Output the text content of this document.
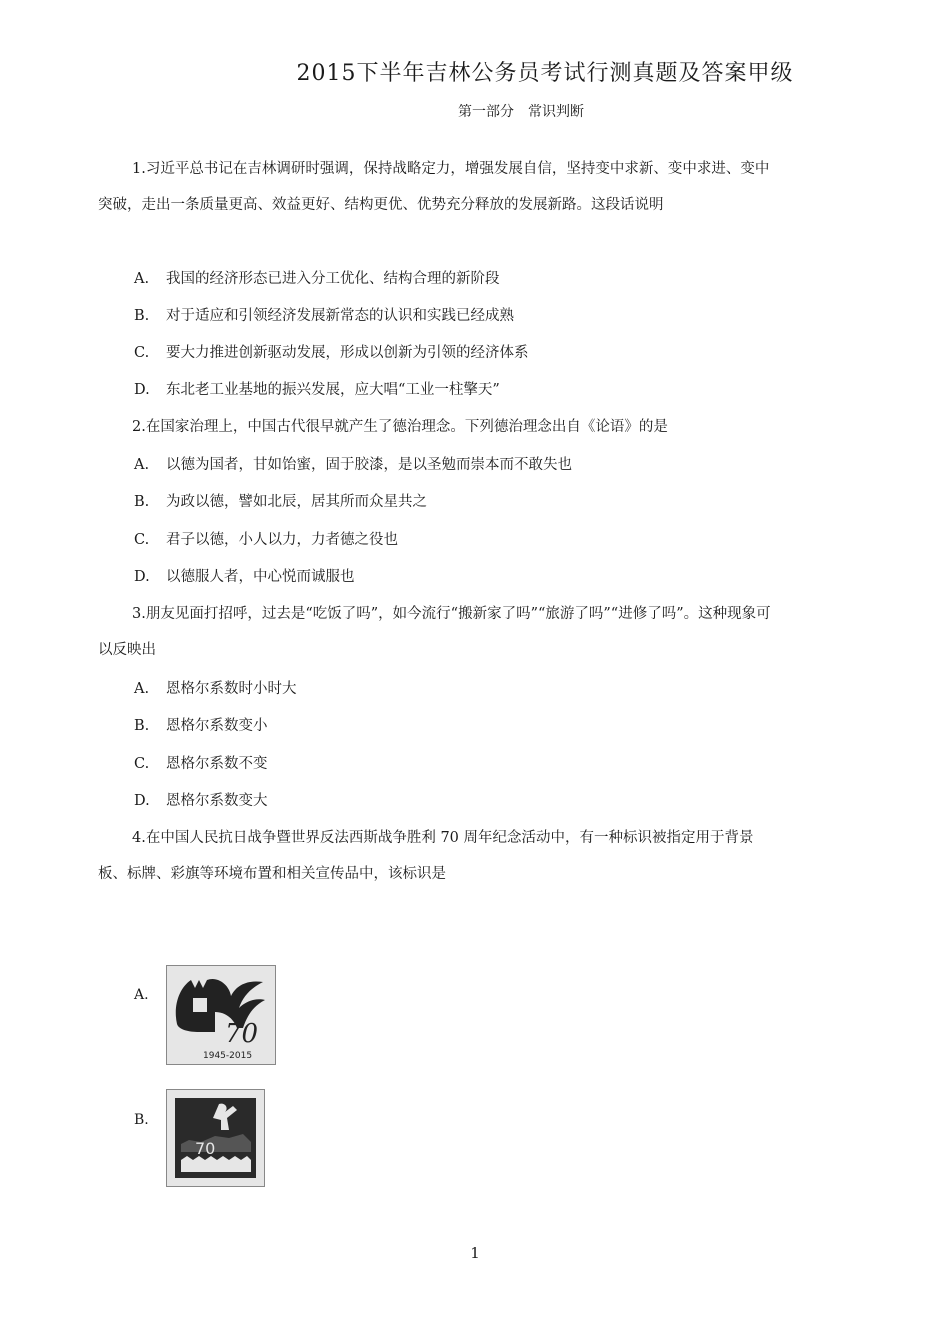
2015下半年吉林公务员考试行测真题及答案甲级
第一部分　常识判断
1.习近平总书记在吉林调研时强调，保持战略定力，增强发展自信，坚持变中求新、变中求进、变中突破，走出一条质量更高、效益更好、结构更优、优势充分释放的发展新路。这段话说明
A. 我国的经济形态已进入分工优化、结构合理的新阶段
B. 对于适应和引领经济发展新常态的认识和实践已经成熟
C. 要大力推进创新驱动发展，形成以创新为引领的经济体系
D. 东北老工业基地的振兴发展，应大唱“工业一柱擎天”
2.在国家治理上，中国古代很早就产生了德治理念。下列德治理念出自《论语》的是
A. 以德为国者，甘如饴蜜，固于胶漆，是以圣勉而崇本而不敢失也
B. 为政以德，譬如北辰，居其所而众星共之
C. 君子以德，小人以力，力者德之役也
D. 以德服人者，中心悦而诚服也
3.朋友见面打招呼，过去是“吃饭了吗”，如今流行“搬新家了吗”“旅游了吗”“进修了吗”。这种现象可以反映出
A. 恩格尔系数时小时大
B. 恩格尔系数变小
C. 恩格尔系数不变
D. 恩格尔系数变大
4.在中国人民抗日战争暨世界反法西斯战争胜利 70 周年纪念活动中，有一种标识被指定用于背景板、标牌、彩旗等环境布置和相关宣传品中，该标识是
A.
70
1945-2015
B.
70
1
